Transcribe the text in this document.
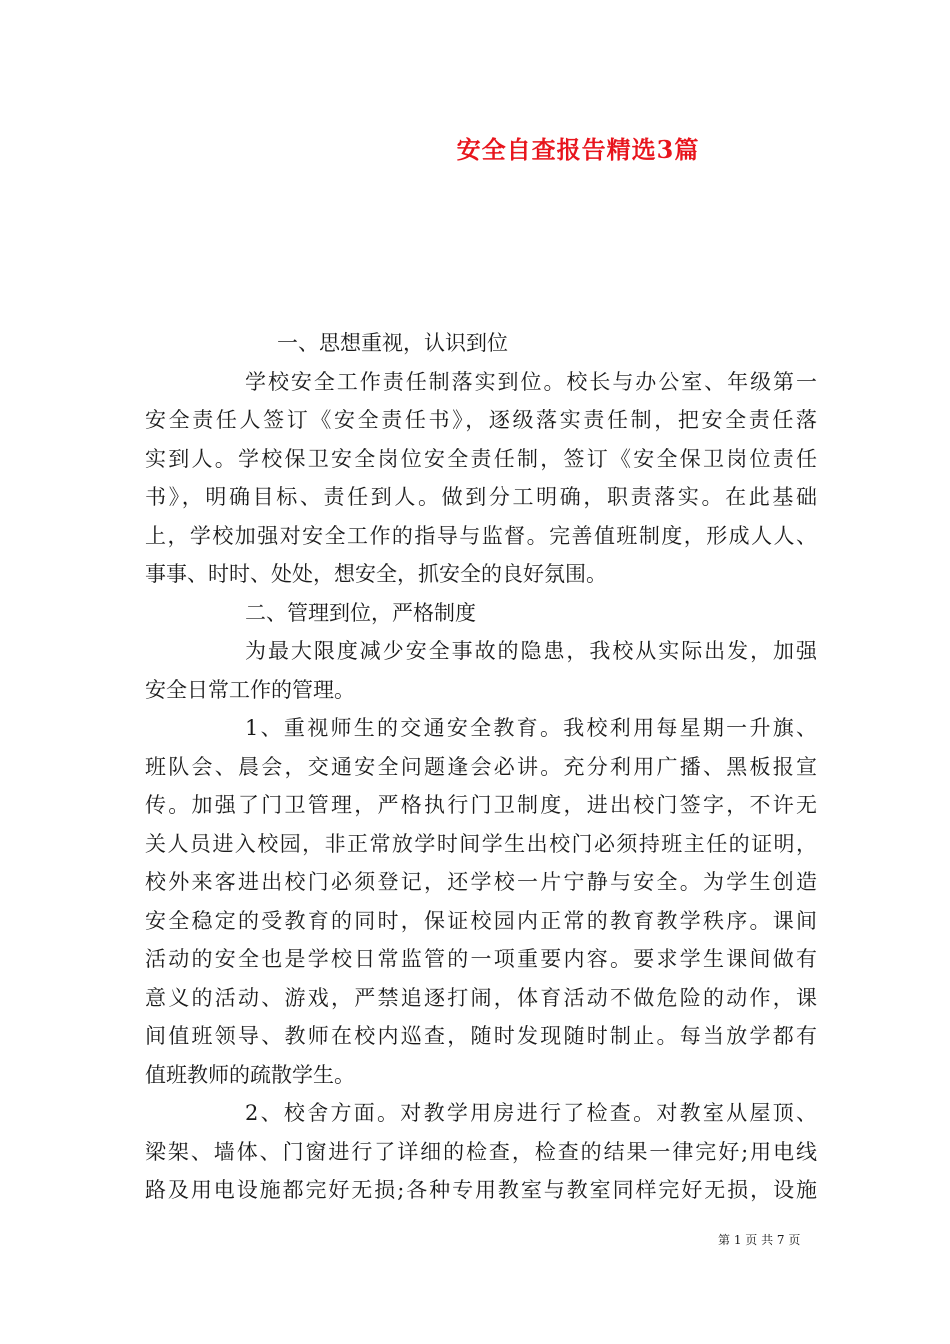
安全自查报告精选3篇
一、思想重视，认识到位
学校安全工作责任制落实到位。校长与办公室、年级第一
安全责任人签订《安全责任书》，逐级落实责任制，把安全责任落
实到人。学校保卫安全岗位安全责任制，签订《安全保卫岗位责任
书》，明确目标、责任到人。做到分工明确，职责落实。在此基础
上，学校加强对安全工作的指导与监督。完善值班制度，形成人人、
事事、时时、处处，想安全，抓安全的良好氛围。
二、管理到位，严格制度
为最大限度减少安全事故的隐患，我校从实际出发，加强
安全日常工作的管理。
1、重视师生的交通安全教育。我校利用每星期一升旗、
班队会、晨会，交通安全问题逢会必讲。充分利用广播、黑板报宣
传。加强了门卫管理，严格执行门卫制度，进出校门签字，不许无
关人员进入校园，非正常放学时间学生出校门必须持班主任的证明，
校外来客进出校门必须登记，还学校一片宁静与安全。为学生创造
安全稳定的受教育的同时，保证校园内正常的教育教学秩序。课间
活动的安全也是学校日常监管的一项重要内容。要求学生课间做有
意义的活动、游戏，严禁追逐打闹，体育活动不做危险的动作，课
间值班领导、教师在校内巡查，随时发现随时制止。每当放学都有
值班教师的疏散学生。
2、校舍方面。对教学用房进行了检查。对教室从屋顶、
梁架、墙体、门窗进行了详细的检查，检查的结果一律完好;用电线
路及用电设施都完好无损;各种专用教室与教室同样完好无损，设施
第 1 页 共 7 页
